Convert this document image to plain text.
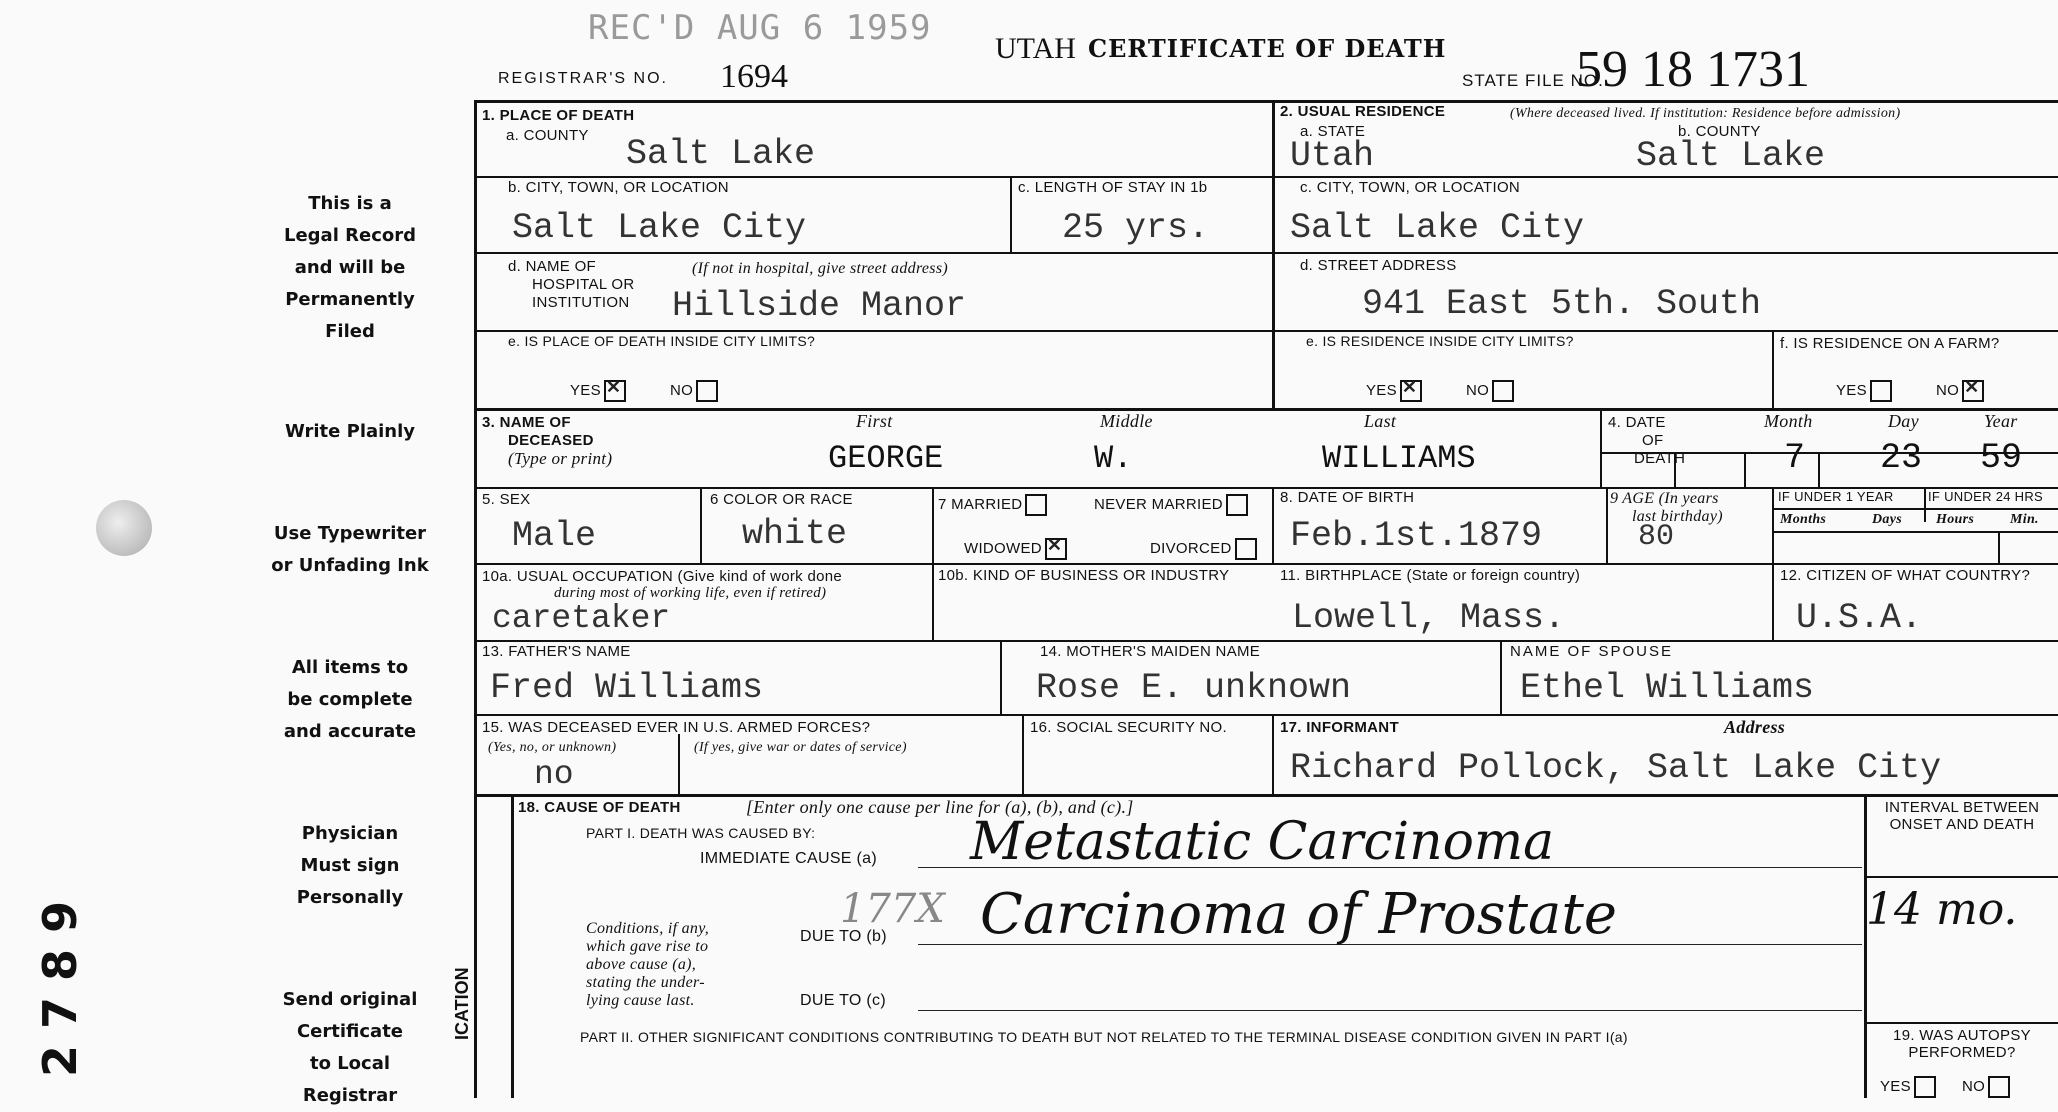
REC'D AUG 6 1959
REGISTRAR'S NO. 1694
UTAH CERTIFICATE OF DEATH
STATE FILE NO.
59 18 1731
This is a
Legal Record
and will be
Permanently
Filed
Write Plainly
Use Typewriter
or Unfading Ink
All items to
be complete
and accurate
Physician
Must sign
Personally
Send original
Certificate
to Local
Registrar
2 7 8 9
1. PLACE OF DEATH
a. COUNTY Salt Lake
2. USUAL RESIDENCE	(Where deceased lived. If institution: Residence before admission)
a. STATE	b. COUNTY
Utah	Salt Lake
b. CITY, TOWN, OR LOCATION
Salt Lake City
c. LENGTH OF STAY IN 1b
25 yrs.
c. CITY, TOWN, OR LOCATION
Salt Lake City
d. NAME OF
HOSPITAL OR
INSTITUTION
(If not in hospital, give street address)
Hillside Manor
d. STREET ADDRESS
941 East 5th. South
e. IS PLACE OF DEATH INSIDE CITY LIMITS?
YES ✕	NO
e. IS RESIDENCE INSIDE CITY LIMITS?
YES ✕	NO
f. IS RESIDENCE ON A FARM?
YES	NO✕
3. NAME OF
DECEASED
(Type or print)
First	Middle	Last
GEORGE	W.	WILLIAMS
4. DATE
OF
DEATH
Month	Day	Year
7 23 59
5. SEX
Male
6 COLOR OR RACE
white
7 MARRIED	NEVER MARRIED
WIDOWED ✕	DIVORCED
8. DATE OF BIRTH
Feb.1st.1879
9 AGE (In years
last birthday)
80
IF UNDER 1 YEAR	IF UNDER 24 HRS
Months	Days Hours	Min.
10a. USUAL OCCUPATION (Give kind of work done
during most of working life, even if retired)
caretaker
10b. KIND OF BUSINESS OR INDUSTRY	11. BIRTHPLACE (State or foreign country)
Lowell, Mass.
12. CITIZEN OF WHAT COUNTRY?
U.S.A.
13. FATHER'S NAME
Fred Williams
14. MOTHER'S MAIDEN NAME
Rose E. unknown
NAME OF SPOUSE
Ethel Williams
15. WAS DECEASED EVER IN U.S. ARMED FORCES?
(Yes, no, or unknown)	(If yes, give war or dates of service)
no
16. SOCIAL SECURITY NO.	17. INFORMANT	Address
Richard Pollock, Salt Lake City
18. CAUSE OF DEATH	[Enter only one cause per line for (a), (b), and (c).]
PART I. DEATH WAS CAUSED BY:
IMMEDIATE CAUSE (a) Metastatic Carcinoma
Conditions, if any,
which gave rise to
above cause (a),
stating the under-
lying cause last.
DUE TO (b)
177X Carcinoma of Prostate
DUE TO (c)
PART II. OTHER SIGNIFICANT CONDITIONS CONTRIBUTING TO DEATH BUT NOT RELATED TO THE TERMINAL DISEASE CONDITION GIVEN IN PART I(a)
INTERVAL BETWEEN ONSET AND DEATH
14 mo.
19. WAS AUTOPSY PERFORMED?
YES	NO
ICATION
